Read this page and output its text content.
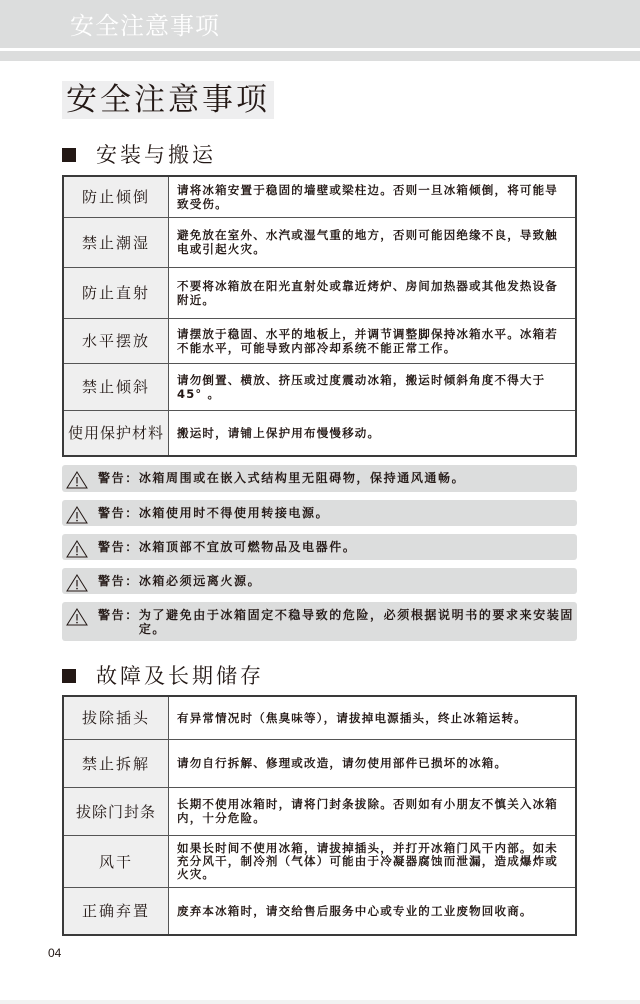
安全注意事项
安全注意事项
安装与搬运
防止倾倒	请将冰箱安置于稳固的墙壁或梁柱边。否则一旦冰箱倾倒，将可能导致受伤。
禁止潮湿	避免放在室外、水汽或湿气重的地方，否则可能因绝缘不良，导致触电或引起火灾。
防止直射	不要将冰箱放在阳光直射处或靠近烤炉、房间加热器或其他发热设备附近。
水平摆放	请摆放于稳固、水平的地板上，并调节调整脚保持冰箱水平。冰箱若不能水平，可能导致内部冷却系统不能正常工作。
禁止倾斜	请勿倒置、横放、挤压或过度震动冰箱，搬运时倾斜角度不得大于45° 。
使用保护材料	搬运时，请铺上保护用布慢慢移动。
警告： 冰箱周围或在嵌入式结构里无阻碍物，保持通风通畅。
警告： 冰箱使用时不得使用转接电源。
警告： 冰箱顶部不宜放可燃物品及电器件。
警告： 冰箱必须远离火源。
警告： 为了避免由于冰箱固定不稳导致的危险，必须根据说明书的要求来安装固定。
故障及长期储存
拔除插头	有异常情况时（焦臭味等），请拔掉电源插头，终止冰箱运转。
禁止拆解	请勿自行拆解、修理或改造，请勿使用部件已损坏的冰箱。
拔除门封条	长期不使用冰箱时，请将门封条拔除。否则如有小朋友不慎关入冰箱内，十分危险。
风干	如果长时间不使用冰箱，请拔掉插头，并打开冰箱门风干内部。如未充分风干，制冷剂（气体）可能由于冷凝器腐蚀而泄漏，造成爆炸或火灾。
正确弃置	废弃本冰箱时，请交给售后服务中心或专业的工业废物回收商。
04
